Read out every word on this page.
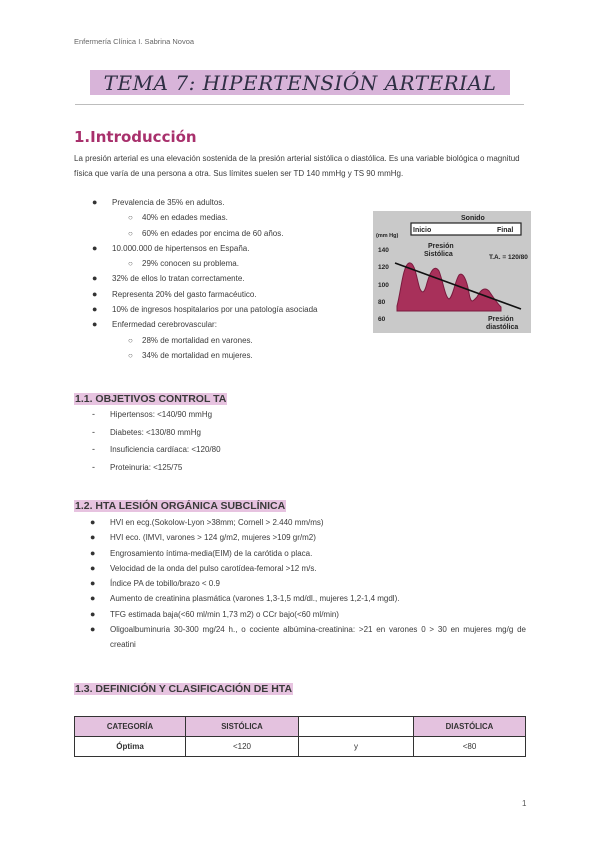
Enfermería Clínica I. Sabrina Novoa
TEMA 7: HIPERTENSIÓN ARTERIAL
1.Introducción
La presión arterial es una elevación sostenida de la presión arterial sistólica o diastólica. Es una variable biológica o magnitud física que varía de una persona a otra. Sus límites suelen ser TD 140 mmHg y TS 90 mmHg.
● Prevalencia de 35% en adultos.
○ 40% en edades medias.
○ 60% en edades por encima de 60 años.
● 10.000.000 de hipertensos en España.
○ 29% conocen su problema.
● 32% de ellos lo tratan correctamente.
● Representa 20% del gasto farmacéutico.
● 10% de ingresos hospitalarios por una patología asociada
● Enfermedad cerebrovascular:
○ 28% de mortalidad en varones.
○ 34% de mortalidad en mujeres.
Sonido
Inicio	Final
(mm Hg)
Presión
Sistólica	T.A. = 120/80
140
120
100
80
60	Presión
diastólica
1.1. OBJETIVOS CONTROL TA
- Hipertensos: <140/90 mmHg
- Diabetes: <130/80 mmHg
- Insuficiencia cardíaca: <120/80
- Proteinuria: <125/75
1.2. HTA LESIÓN ORGÁNICA SUBCLÍNICA
● HVI en ecg.(Sokolow-Lyon >38mm; Cornell > 2.440 mm/ms)
● HVI eco. (IMVI, varones > 124 g/m2, mujeres >109 gr/m2)
● Engrosamiento íntima-media(EIM) de la carótida o placa.
● Velocidad de la onda del pulso carotídea-femoral >12 m/s.
● Índice PA de tobillo/brazo < 0.9
● Aumento de creatinina plasmática (varones 1,3-1,5 md/dl., mujeres 1,2-1,4 mgdl).
● TFG estimada baja(<60 ml/min 1,73 m2) o CCr bajo(<60 ml/min)
● Oligoalbuminuria 30-300 mg/24 h., o cociente albúmina-creatinina: >21 en varones 0 > 30 en mujeres mg/g de creatini
1.3. DEFINICIÓN Y CLASIFICACIÓN DE HTA
CATEGORÍA	SISTÓLICA		DIASTÓLICA
Óptima	<120	y	<80
1
